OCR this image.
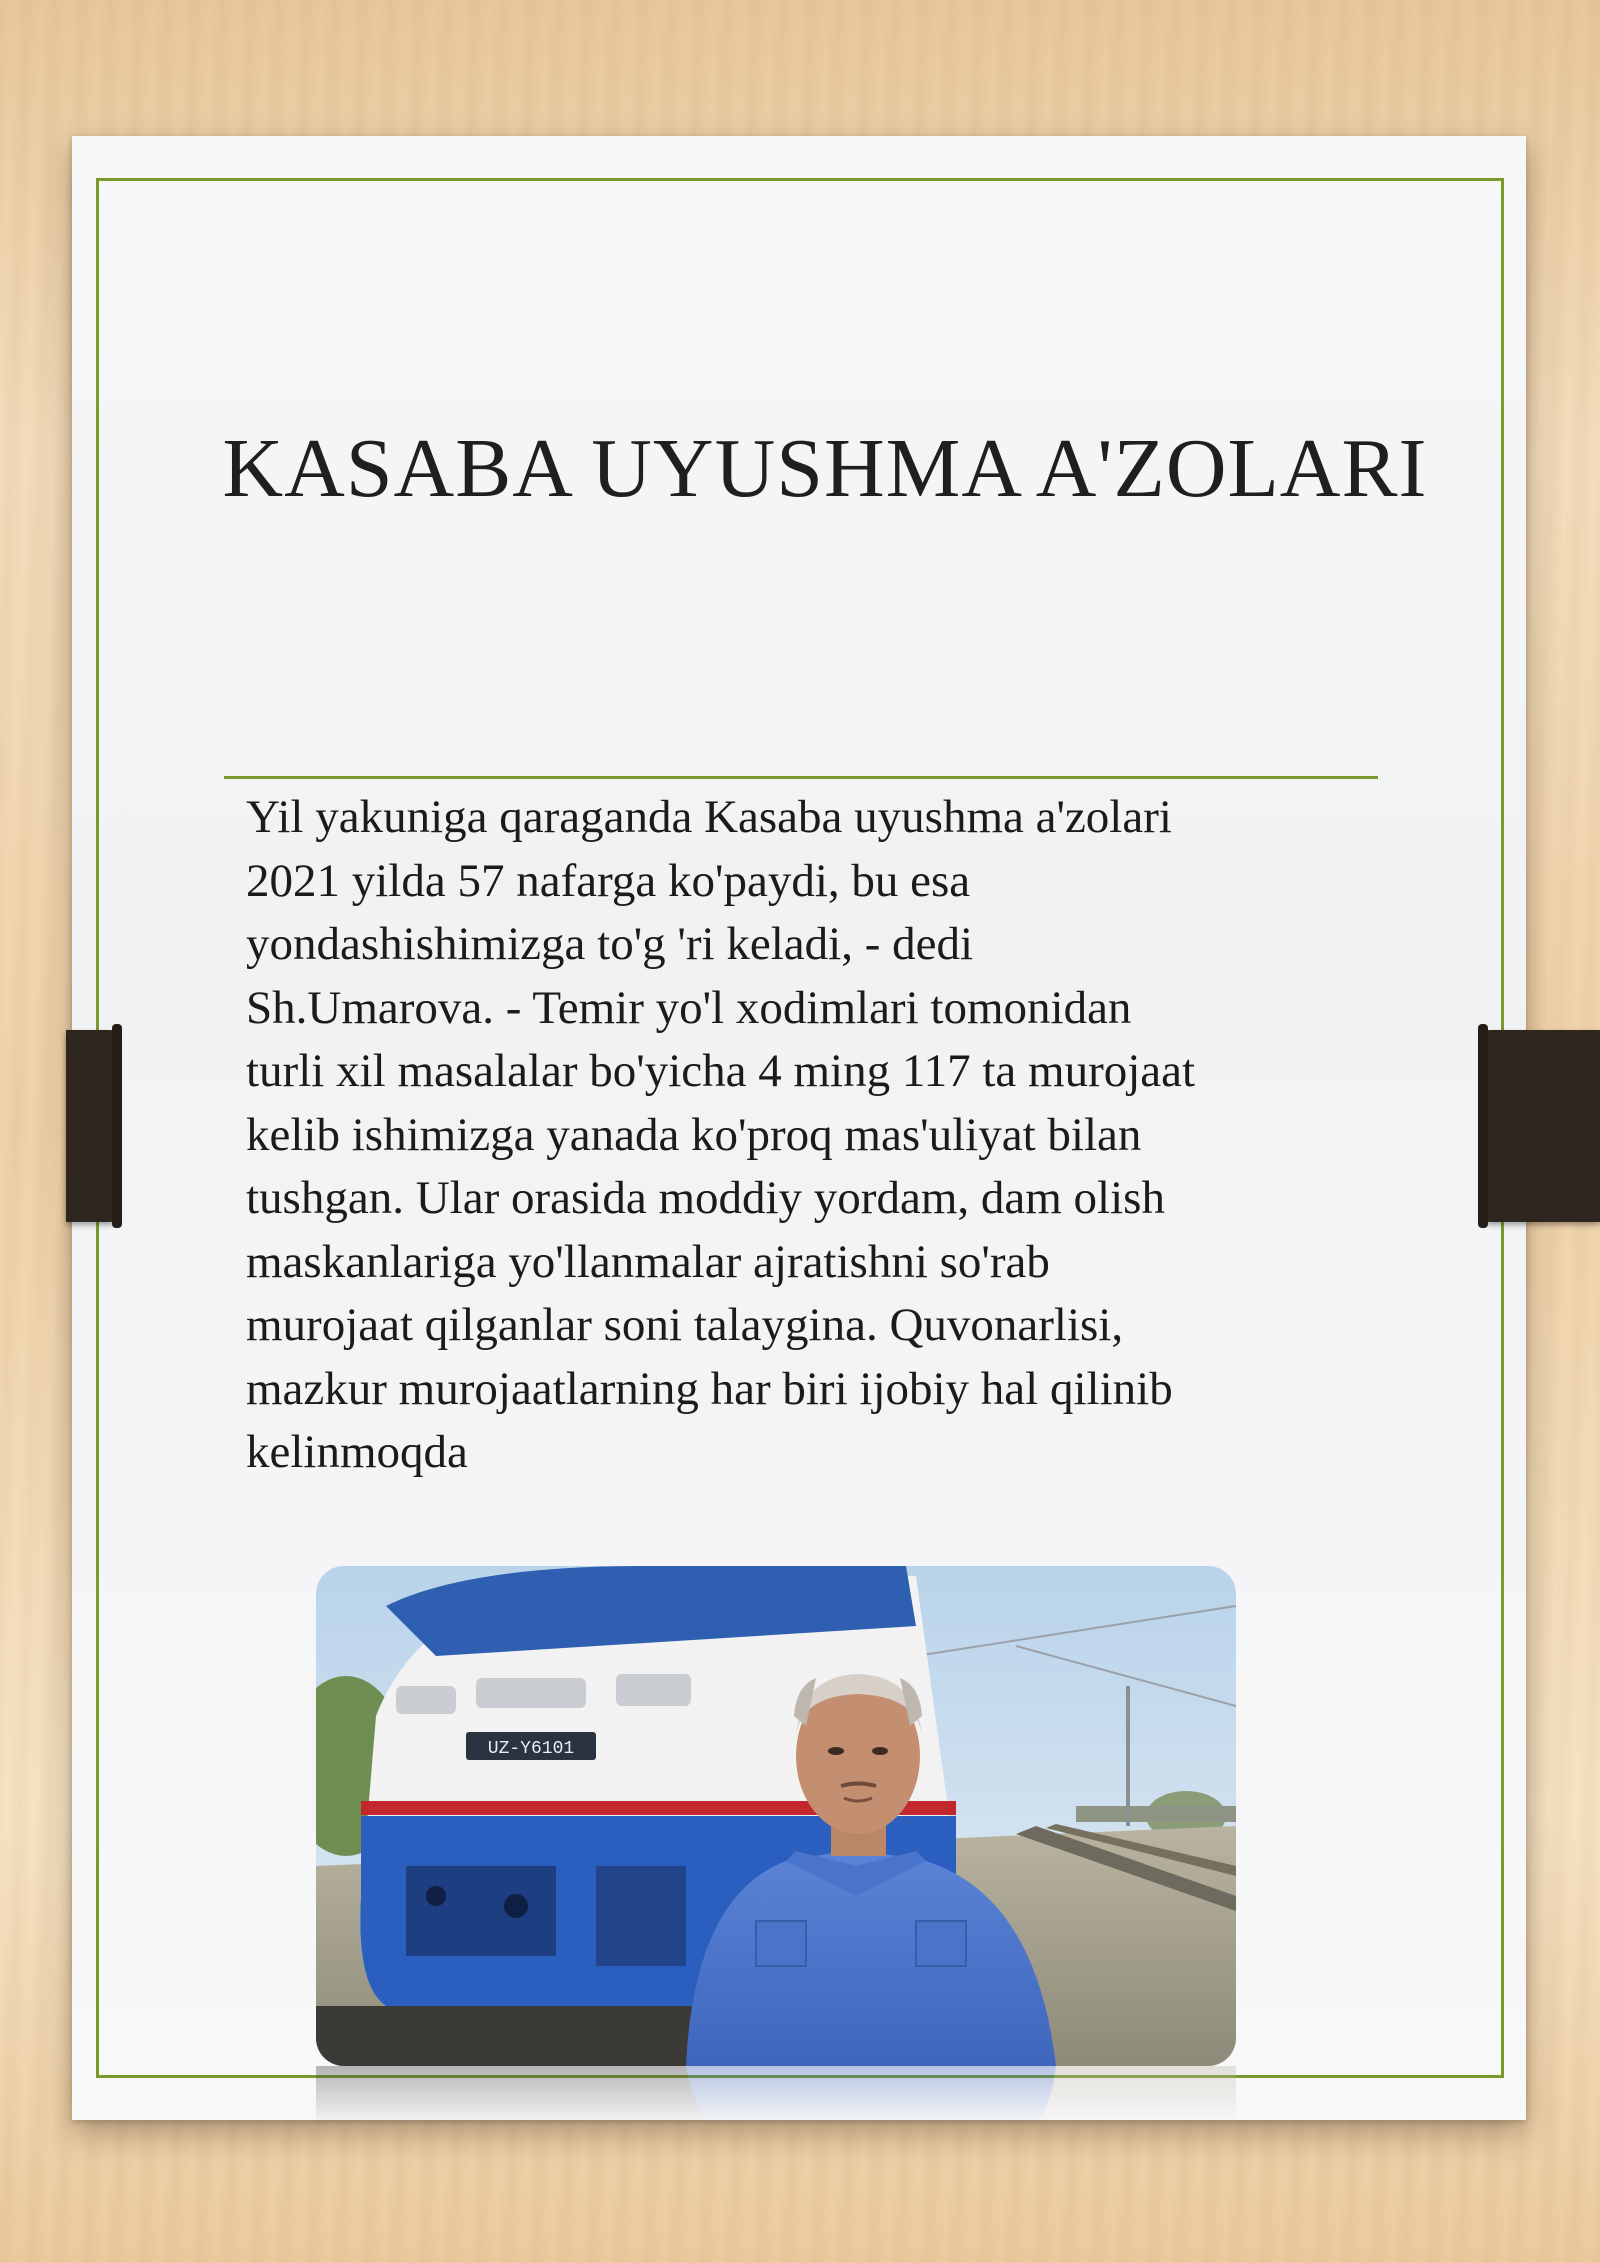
KASABA UYUSHMA A'ZOLARI
Yil yakuniga qaraganda Kasaba uyushma a'zolari
2021 yilda 57 nafarga ko'paydi, bu esa
yondashishimizga to'g 'ri keladi, - dedi
Sh.Umarova. - Temir yo'l xodimlari tomonidan
turli xil masalalar bo'yicha 4 ming 117 ta murojaat
kelib ishimizga yanada ko'proq mas'uliyat bilan
tushgan. Ular orasida moddiy yordam, dam olish
maskanlariga yo'llanmalar ajratishni so'rab
murojaat qilganlar soni talaygina. Quvonarlisi,
mazkur murojaatlarning har biri ijobiy hal qilinib
kelinmoqda
UZ-Y6101
